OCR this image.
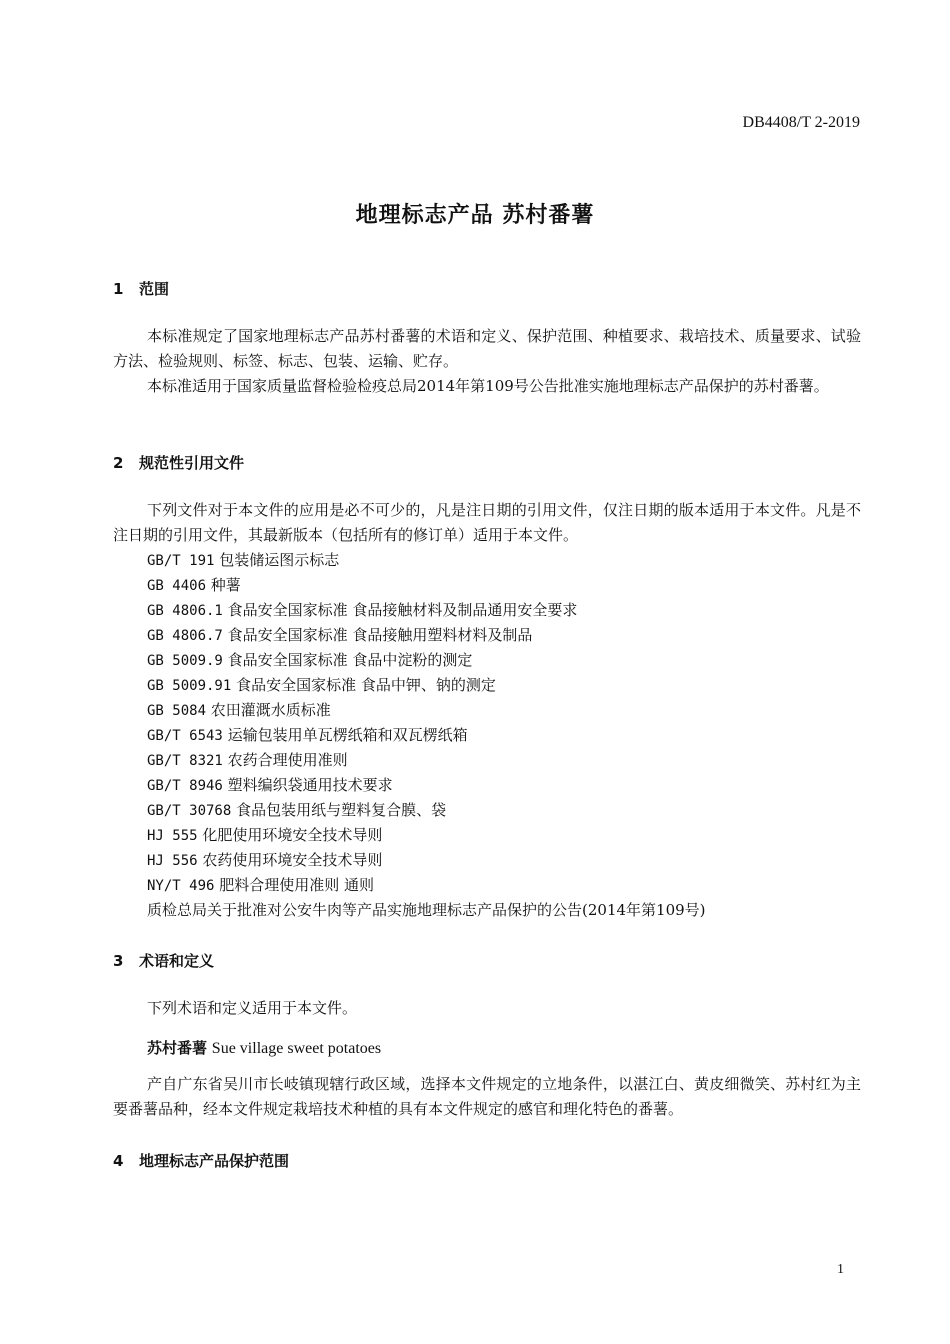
DB4408/T 2-2019
地理标志产品 苏村番薯
1 范围
本标准规定了国家地理标志产品苏村番薯的术语和定义、保护范围、种植要求、栽培技术、质量要求、试验方法、检验规则、标签、标志、包装、运输、贮存。
本标准适用于国家质量监督检验检疫总局2014年第109号公告批准实施地理标志产品保护的苏村番薯。
2 规范性引用文件
下列文件对于本文件的应用是必不可少的，凡是注日期的引用文件，仅注日期的版本适用于本文件。凡是不注日期的引用文件，其最新版本（包括所有的修订单）适用于本文件。
GB/T 191 包装储运图示标志
GB 4406 种薯
GB 4806.1 食品安全国家标准 食品接触材料及制品通用安全要求
GB 4806.7 食品安全国家标准 食品接触用塑料材料及制品
GB 5009.9 食品安全国家标准 食品中淀粉的测定
GB 5009.91 食品安全国家标准 食品中钾、钠的测定
GB 5084 农田灌溉水质标准
GB/T 6543 运输包装用单瓦楞纸箱和双瓦楞纸箱
GB/T 8321 农药合理使用准则
GB/T 8946 塑料编织袋通用技术要求
GB/T 30768 食品包装用纸与塑料复合膜、袋
HJ 555 化肥使用环境安全技术导则
HJ 556 农药使用环境安全技术导则
NY/T 496 肥料合理使用准则 通则
质检总局关于批准对公安牛肉等产品实施地理标志产品保护的公告(2014年第109号)
3 术语和定义
下列术语和定义适用于本文件。
苏村番薯 Sue village sweet potatoes
产自广东省吴川市长岐镇现辖行政区域，选择本文件规定的立地条件，以湛江白、黄皮细微笑、苏村红为主要番薯品种，经本文件规定栽培技术种植的具有本文件规定的感官和理化特色的番薯。
4 地理标志产品保护范围
1
